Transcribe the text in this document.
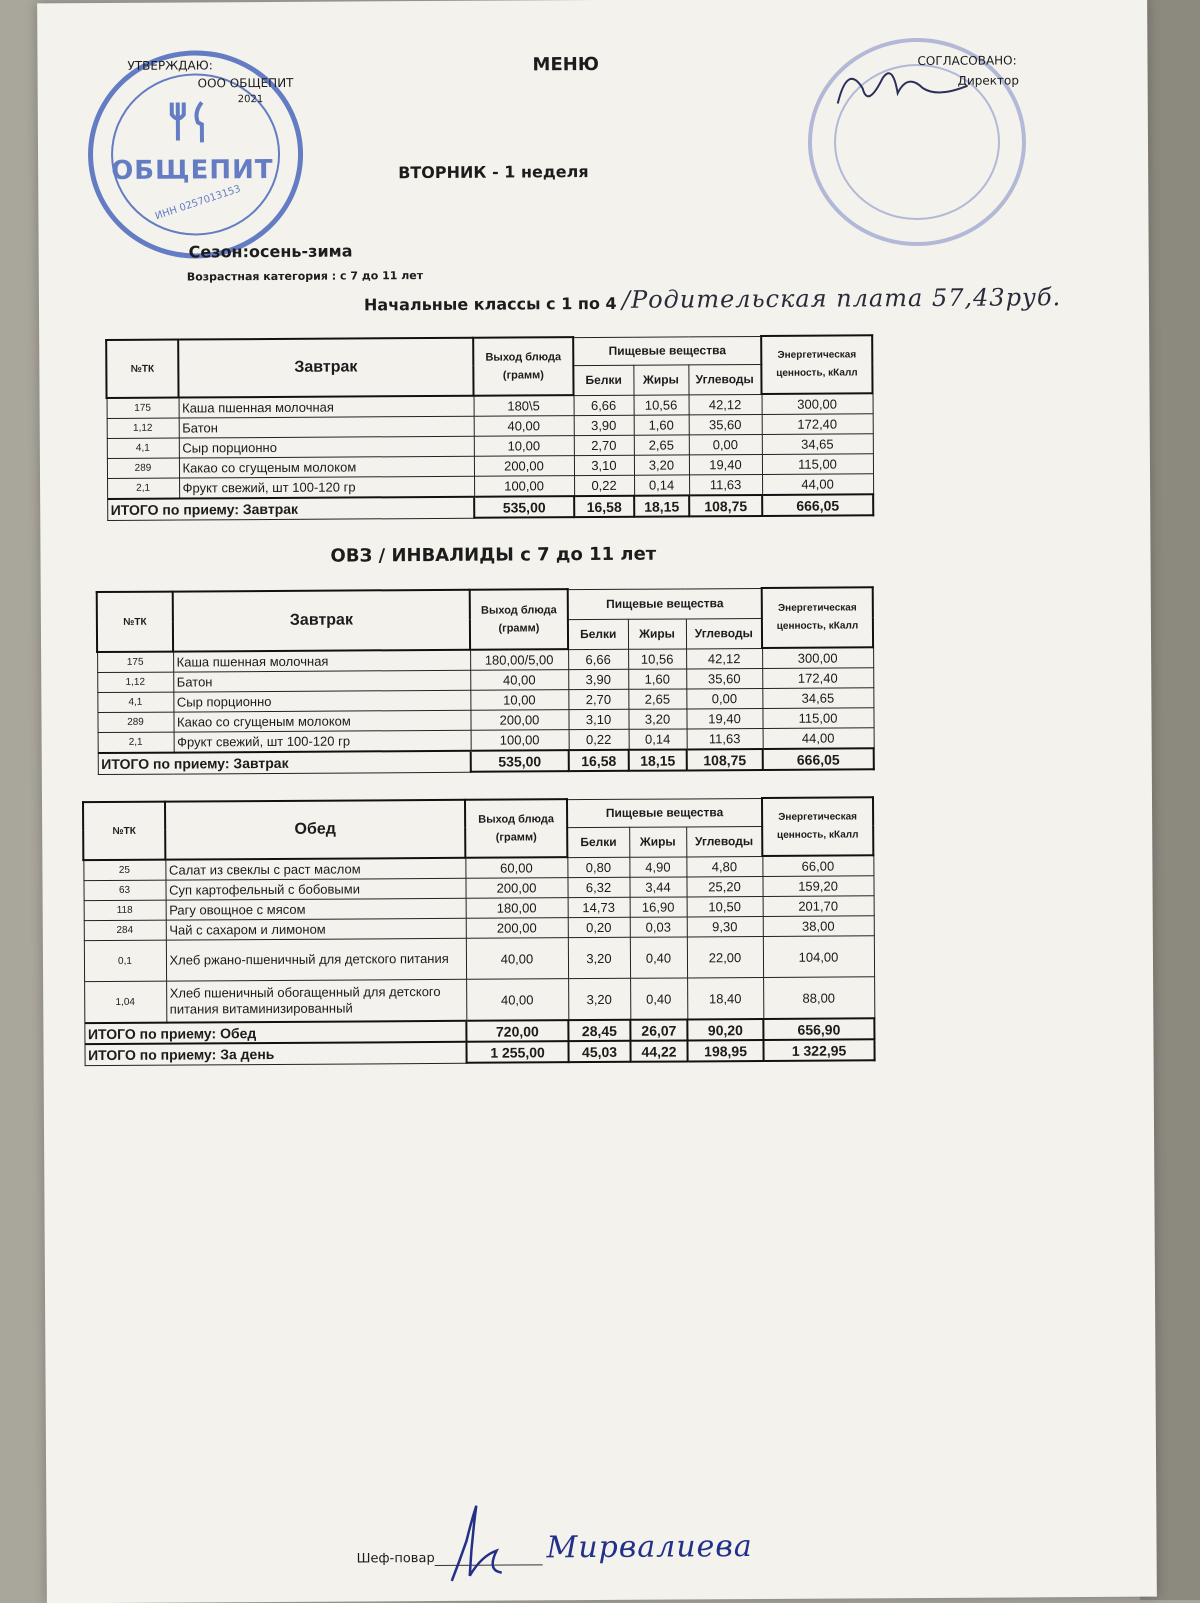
ОБЩЕПИТ
ИНН 0257013153
УТВЕРЖДАЮ:
ООО ОБЩЕПИТ
2021
МЕНЮ	СОГЛАСОВАНО:
Директор
ВТОРНИК - 1 неделя
Сезон:осень-зима
Возрастная категория : с 7 до 11 лет
Начальные классы с 1 по 4 /Родительская плата 57,43руб.
№ТК	Завтрак	Выход блюда (грамм)	Пищевые вещества			Энергетическая ценность, кКалл
			Белки	Жиры	Углеводы	
175	Каша пшенная молочная	180\5	6,66	10,56	42,12	300,00
1,12	Батон	40,00	3,90	1,60	35,60	172,40
4,1	Сыр порционно	10,00	2,70	2,65	0,00	34,65
289	Какао со сгущеным молоком	200,00	3,10	3,20	19,40	115,00
2,1	Фрукт свежий, шт 100-120 гр	100,00	0,22	0,14	11,63	44,00
ИТОГО по приему: Завтрак		535,00	16,58	18,15	108,75	666,05
ОВЗ / ИНВАЛИДЫ с 7 до 11 лет
№ТК	Завтрак	Выход блюда (грамм)	Пищевые вещества			Энергетическая ценность, кКалл
			Белки	Жиры	Углеводы	
175	Каша пшенная молочная	180,00/5,00	6,66	10,56	42,12	300,00
1,12	Батон	40,00	3,90	1,60	35,60	172,40
4,1	Сыр порционно	10,00	2,70	2,65	0,00	34,65
289	Какао со сгущеным молоком	200,00	3,10	3,20	19,40	115,00
2,1	Фрукт свежий, шт 100-120 гр	100,00	0,22	0,14	11,63	44,00
ИТОГО по приему: Завтрак		535,00	16,58	18,15	108,75	666,05
№ТК	Обед	Выход блюда (грамм)	Пищевые вещества			Энергетическая ценность, кКалл
			Белки	Жиры	Углеводы	
25	Салат из свеклы с раст маслом	60,00	0,80	4,90	4,80	66,00
63	Суп картофельный с бобовыми	200,00	6,32	3,44	25,20	159,20
118	Рагу овощное с мясом	180,00	14,73	16,90	10,50	201,70
284	Чай с сахаром и лимоном	200,00	0,20	0,03	9,30	38,00
0,1	Хлеб ржано-пшеничный для детского питания	40,00	3,20	0,40	22,00	104,00
1,04	Хлеб пшеничный обогащенный для детского питания витаминизированный	40,00	3,20	0,40	18,40	88,00
ИТОГО по приему: Обед		720,00	28,45	26,07	90,20	656,90
ИТОГО по приему: За день		1 255,00	45,03	44,22	198,95	1 322,95
Шеф-повар	Мирвалиева
